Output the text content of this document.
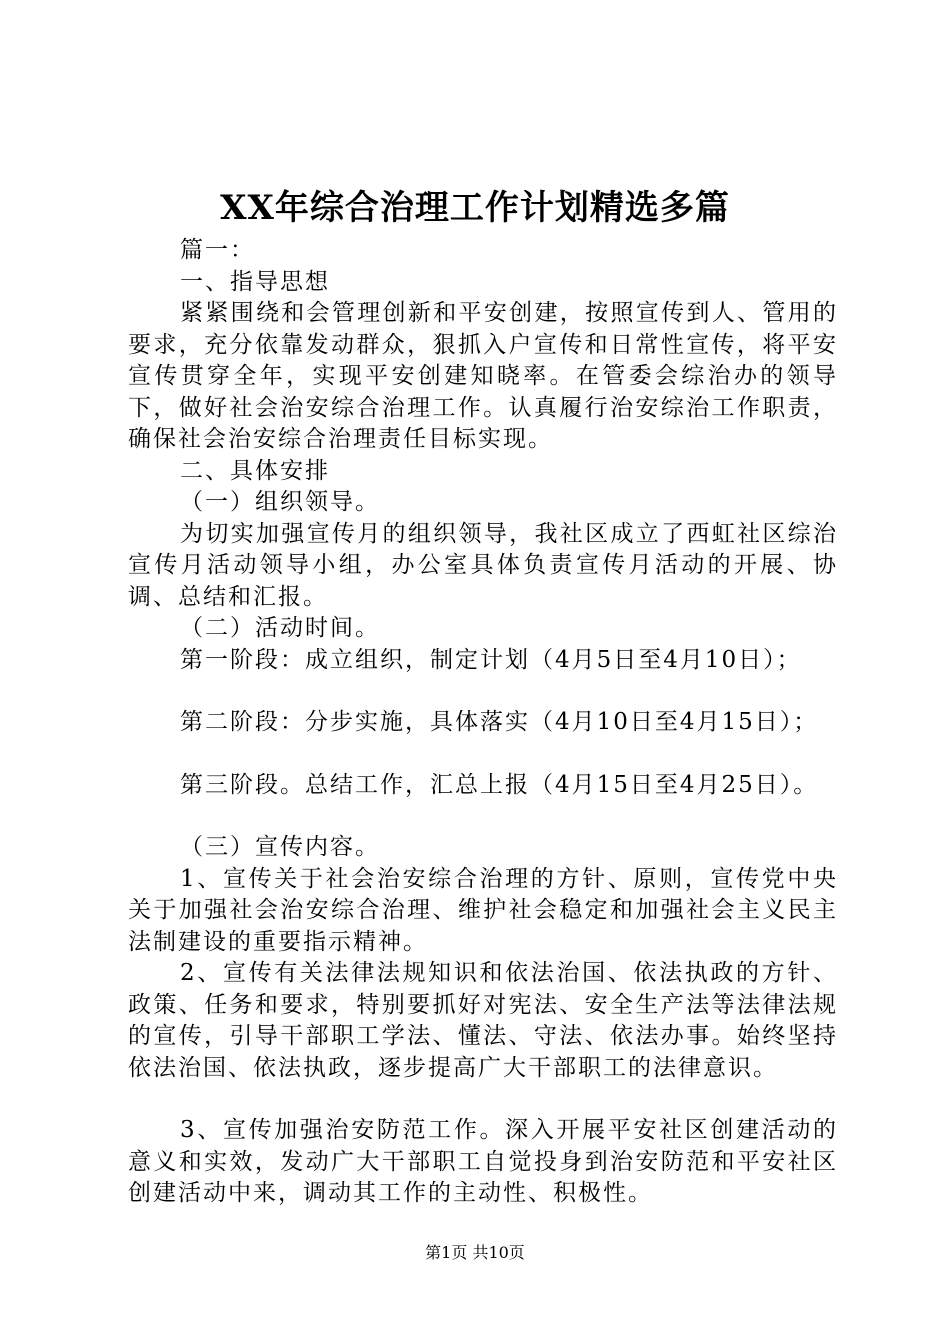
XX年综合治理工作计划精选多篇

篇一：

一、指导思想

紧紧围绕和会管理创新和平安创建，按照宣传到人、管用的要求，充分依靠发动群众，狠抓入户宣传和日常性宣传，将平安宣传贯穿全年，实现平安创建知晓率。在管委会综治办的领导下，做好社会治安综合治理工作。认真履行治安综治工作职责，确保社会治安综合治理责任目标实现。

二、具体安排

（一）组织领导。

为切实加强宣传月的组织领导，我社区成立了西虹社区综治宣传月活动领导小组，办公室具体负责宣传月活动的开展、协调、总结和汇报。

（二）活动时间。

第一阶段：成立组织，制定计划（4月5日至4月10日）；

第二阶段：分步实施，具体落实（4月10日至4月15日）；

第三阶段。总结工作，汇总上报（4月15日至4月25日）。

（三）宣传内容。

1、宣传关于社会治安综合治理的方针、原则，宣传党中央关于加强社会治安综合治理、维护社会稳定和加强社会主义民主法制建设的重要指示精神。

2、宣传有关法律法规知识和依法治国、依法执政的方针、政策、任务和要求，特别要抓好对宪法、安全生产法等法律法规的宣传，引导干部职工学法、懂法、守法、依法办事。始终坚持依法治国、依法执政，逐步提高广大干部职工的法律意识。

3、宣传加强治安防范工作。深入开展平安社区创建活动的意义和实效，发动广大干部职工自觉投身到治安防范和平安社区创建活动中来，调动其工作的主动性、积极性。

第1页 共10页
